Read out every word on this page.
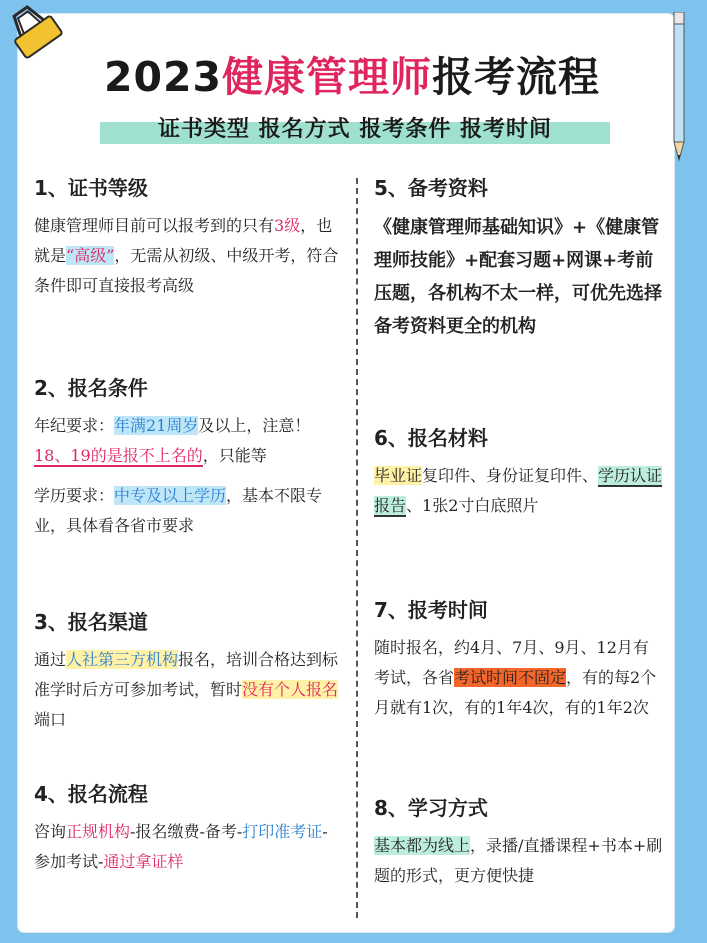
2023健康管理师报考流程
证书类型 报名方式 报考条件 报考时间
1、证书等级

健康管理师目前可以报考到的只有3级，也就是“高级”，无需从初级、中级开考，符合条件即可直接报考高级

2、报名条件

年纪要求：年满21周岁及以上，注意！18、19的是报不上名的，只能等

学历要求：中专及以上学历，基本不限专业，具体看各省市要求

3、报名渠道

通过人社第三方机构报名，培训合格达到标准学时后方可参加考试，暂时没有个人报名端口

4、报名流程

咨询正规机构-报名缴费-备考-打印准考证-参加考试-通过拿证样

5、备考资料

《健康管理师基础知识》+《健康管理师技能》+配套习题+网课+考前压题，各机构不太一样，可优先选择备考资料更全的机构

6、报名材料

毕业证复印件、身份证复印件、学历认证报告、1张2寸白底照片

7、报考时间

随时报名，约4月、7月、9月、12月有考试，各省考试时间不固定，有的每2个月就有1次，有的1年4次，有的1年2次

8、学习方式

基本都为线上，录播/直播课程+书本+刷题的形式，更方便快捷
